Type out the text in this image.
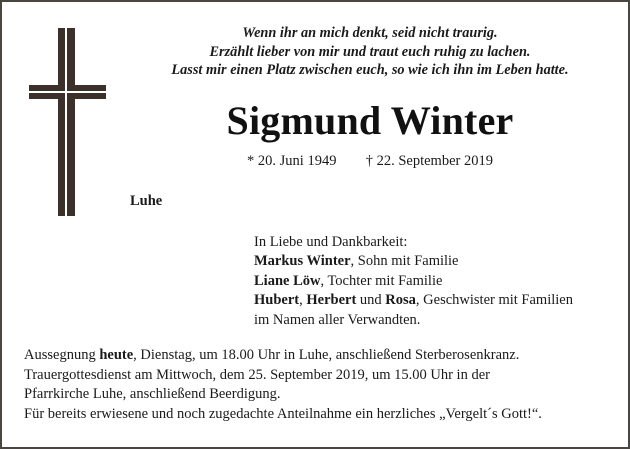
Wenn ihr an mich denkt, seid nicht traurig.
Erzählt lieber von mir und traut euch ruhig zu lachen.
Lasst mir einen Platz zwischen euch, so wie ich ihn im Leben hatte.
Sigmund Winter
* 20. Juni 1949 † 22. September 2019
Luhe
In Liebe und Dankbarkeit:
Markus Winter, Sohn mit Familie
Liane Löw, Tochter mit Familie
Hubert, Herbert und Rosa, Geschwister mit Familien
im Namen aller Verwandten.
Aussegnung heute, Dienstag, um 18.00 Uhr in Luhe, anschließend Sterberosenkranz.
Trauergottesdienst am Mittwoch, dem 25. September 2019, um 15.00 Uhr in der
Pfarrkirche Luhe, anschließend Beerdigung.
Für bereits erwiesene und noch zugedachte Anteilnahme ein herzliches „Vergelt´s Gott!“.
